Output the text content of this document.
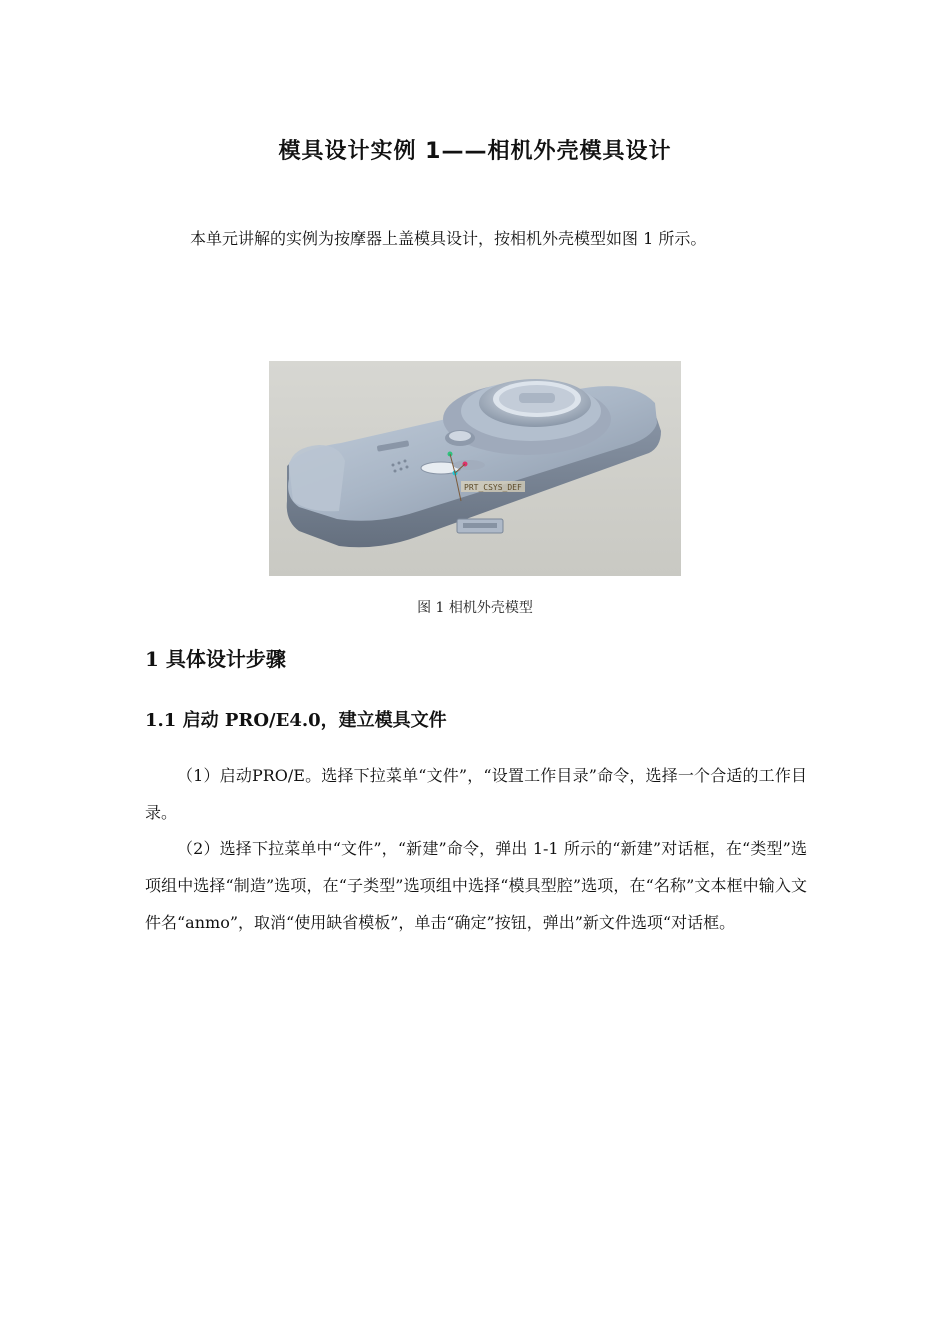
模具设计实例 1——相机外壳模具设计
本单元讲解的实例为按摩器上盖模具设计，按相机外壳模型如图 1 所示。
PRT_CSYS_DEF
图 1 相机外壳模型
1 具体设计步骤
1.1 启动 PRO/E4.0，建立模具文件
（1）启动PRO/E。选择下拉菜单“文件”，“设置工作目录”命令，选择一个合适的工作目录。
（2）选择下拉菜单中“文件”，“新建”命令，弹出 1-1 所示的“新建”对话框，在“类型”选项组中选择“制造”选项，在“子类型”选项组中选择“模具型腔”选项，在“名称”文本框中输入文件名“anmo”，取消“使用缺省模板”，单击“确定”按钮，弹出”新文件选项“对话框。
